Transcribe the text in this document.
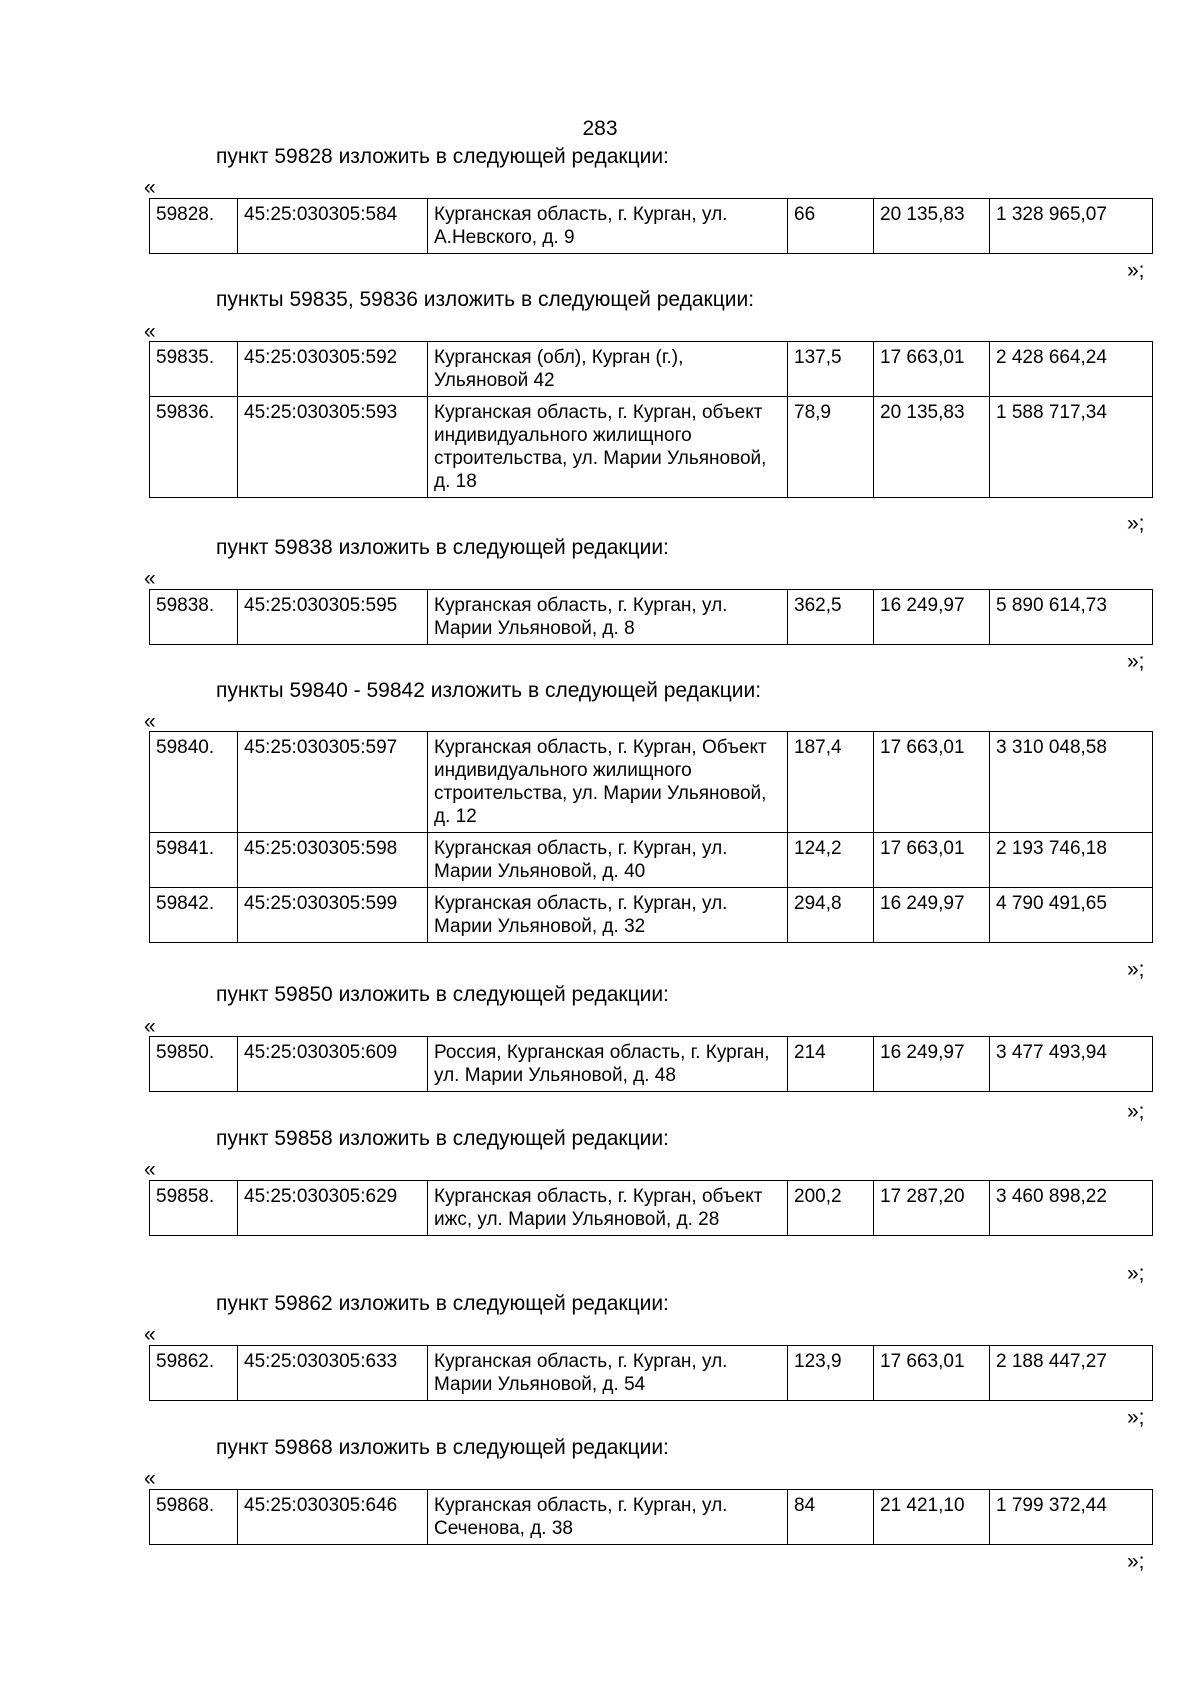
283
пункт 59828 изложить в следующей редакции:
«
59828.	45:25:030305:584	Курганская область, г. Курган, ул. А.Невского, д. 9	66	20 135,83	1 328 965,07
»;
пункты 59835, 59836 изложить в следующей редакции:
«
59835.	45:25:030305:592	Курганская (обл), Курган (г.), Ульяновой 42	137,5	17 663,01	2 428 664,24
59836.	45:25:030305:593	Курганская область, г. Курган, объект индивидуального жилищного строительства, ул. Марии Ульяновой, д. 18	78,9	20 135,83	1 588 717,34
»;
пункт 59838 изложить в следующей редакции:
«
59838.	45:25:030305:595	Курганская область, г. Курган, ул. Марии Ульяновой, д. 8	362,5	16 249,97	5 890 614,73
»;
пункты 59840 - 59842 изложить в следующей редакции:
«
59840.	45:25:030305:597	Курганская область, г. Курган, Объект индивидуального жилищного строительства, ул. Марии Ульяновой, д. 12	187,4	17 663,01	3 310 048,58
59841.	45:25:030305:598	Курганская область, г. Курган, ул. Марии Ульяновой, д. 40	124,2	17 663,01	2 193 746,18
59842.	45:25:030305:599	Курганская область, г. Курган, ул. Марии Ульяновой, д. 32	294,8	16 249,97	4 790 491,65
»;
пункт 59850 изложить в следующей редакции:
«
59850.	45:25:030305:609	Россия, Курганская область, г. Курган, ул. Марии Ульяновой, д. 48	214	16 249,97	3 477 493,94
»;
пункт 59858 изложить в следующей редакции:
«
59858.	45:25:030305:629	Курганская область, г. Курган, объект ижс, ул. Марии Ульяновой, д. 28	200,2	17 287,20	3 460 898,22
»;
пункт 59862 изложить в следующей редакции:
«
59862.	45:25:030305:633	Курганская область, г. Курган, ул. Марии Ульяновой, д. 54	123,9	17 663,01	2 188 447,27
»;
пункт 59868 изложить в следующей редакции:
«
59868.	45:25:030305:646	Курганская область, г. Курган, ул. Сеченова, д. 38	84	21 421,10	1 799 372,44
»;
